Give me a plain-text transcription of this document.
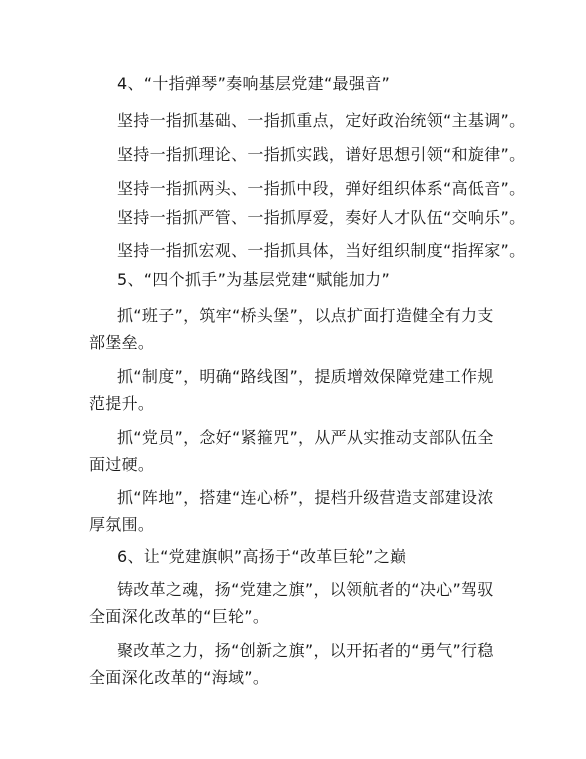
4、“十指弹琴”奏响基层党建“最强音”
坚持一指抓基础、一指抓重点，定好政治统领“主基调”。
坚持一指抓理论、一指抓实践，谱好思想引领“和旋律”。
坚持一指抓两头、一指抓中段，弹好组织体系“高低音”。
坚持一指抓严管、一指抓厚爱，奏好人才队伍“交响乐”。
坚持一指抓宏观、一指抓具体，当好组织制度“指挥家”。
5、“四个抓手”为基层党建“赋能加力”
抓“班子”，筑牢“桥头堡”，以点扩面打造健全有力支
部堡垒。
抓“制度”，明确“路线图”，提质增效保障党建工作规
范提升。
抓“党员”，念好“紧箍咒”，从严从实推动支部队伍全
面过硬。
抓“阵地”，搭建“连心桥”，提档升级营造支部建设浓
厚氛围。
6、让“党建旗帜”高扬于“改革巨轮”之巅
铸改革之魂，扬“党建之旗”，以领航者的“决心”驾驭
全面深化改革的“巨轮”。
聚改革之力，扬“创新之旗”，以开拓者的“勇气”行稳
全面深化改革的“海域”。
